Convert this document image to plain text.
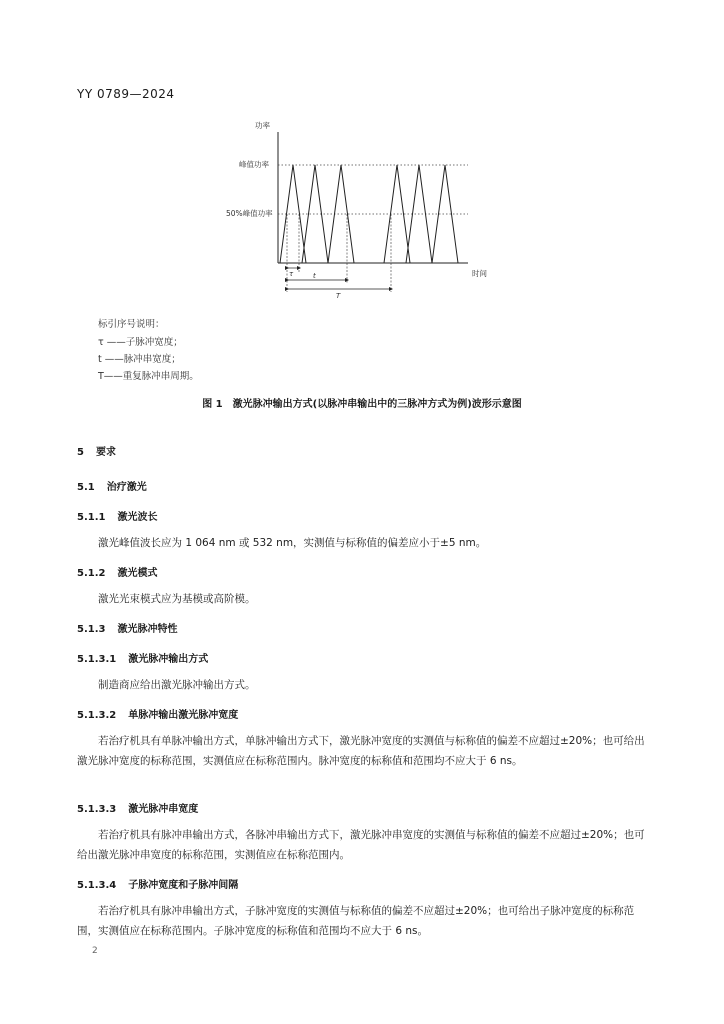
YY 0789—2024
功率
时间
峰值功率
50%峰值功率
τ	t
T
标引序号说明：
τ ——子脉冲宽度；
t ——脉冲串宽度；
T——重复脉冲串周期。
图 1　激光脉冲输出方式(以脉冲串输出中的三脉冲方式为例)波形示意图
5 要求
5.1 治疗激光
5.1.1 激光波长
激光峰值波长应为 1 064 nm 或 532 nm，实测值与标称值的偏差应小于±5 nm。
5.1.2 激光模式
激光光束模式应为基模或高阶模。
5.1.3 激光脉冲特性
5.1.3.1 激光脉冲输出方式
制造商应给出激光脉冲输出方式。
5.1.3.2 单脉冲输出激光脉冲宽度
若治疗机具有单脉冲输出方式，单脉冲输出方式下，激光脉冲宽度的实测值与标称值的偏差不应超过±20%；也可给出激光脉冲宽度的标称范围，实测值应在标称范围内。脉冲宽度的标称值和范围均不应大于 6 ns。
5.1.3.3 激光脉冲串宽度
若治疗机具有脉冲串输出方式，各脉冲串输出方式下，激光脉冲串宽度的实测值与标称值的偏差不应超过±20%；也可给出激光脉冲串宽度的标称范围，实测值应在标称范围内。
5.1.3.4 子脉冲宽度和子脉冲间隔
若治疗机具有脉冲串输出方式，子脉冲宽度的实测值与标称值的偏差不应超过±20%；也可给出子脉冲宽度的标称范围，实测值应在标称范围内。子脉冲宽度的标称值和范围均不应大于 6 ns。
2
